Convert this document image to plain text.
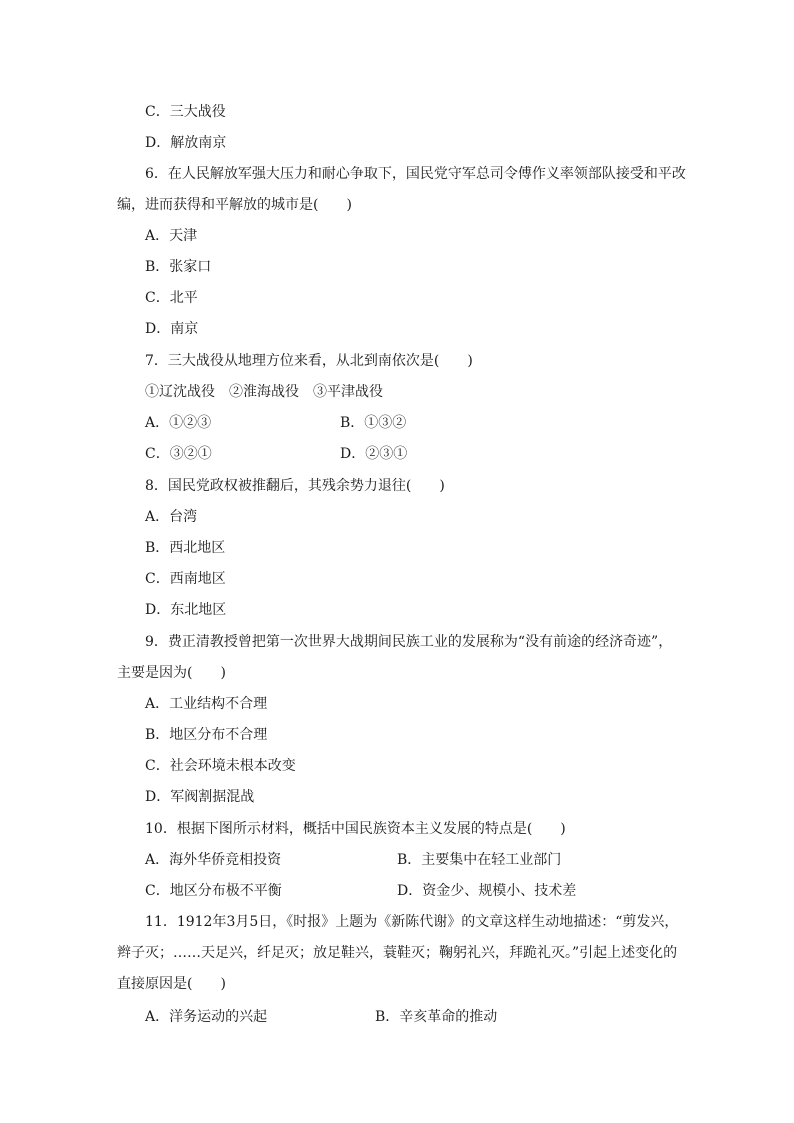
C．三大战役
D．解放南京
6．在人民解放军强大压力和耐心争取下，国民党守军总司令傅作义率领部队接受和平改
编，进而获得和平解放的城市是(　　)
A．天津
B．张家口
C．北平
D．南京
7．三大战役从地理方位来看，从北到南依次是(　　)
①辽沈战役　②淮海战役　③平津战役
A．①②③	B．①③②
C．③②①	D．②③①
8．国民党政权被推翻后，其残余势力退往(　　)
A．台湾
B．西北地区
C．西南地区
D．东北地区
9．费正清教授曾把第一次世界大战期间民族工业的发展称为“没有前途的经济奇迹”，
主要是因为(　　)
A．工业结构不合理
B．地区分布不合理
C．社会环境未根本改变
D．军阀割据混战
10．根据下图所示材料，概括中国民族资本主义发展的特点是(　　)
A．海外华侨竞相投资	B．主要集中在轻工业部门
C．地区分布极不平衡	D．资金少、规模小、技术差
11．1912年3月5日，《时报》上题为《新陈代谢》的文章这样生动地描述：“剪发兴，
辫子灭；……天足兴，纤足灭；放足鞋兴，蓑鞋灭；鞠躬礼兴，拜跪礼灭。”引起上述变化的
直接原因是(　　)
A．洋务运动的兴起	B．辛亥革命的推动
